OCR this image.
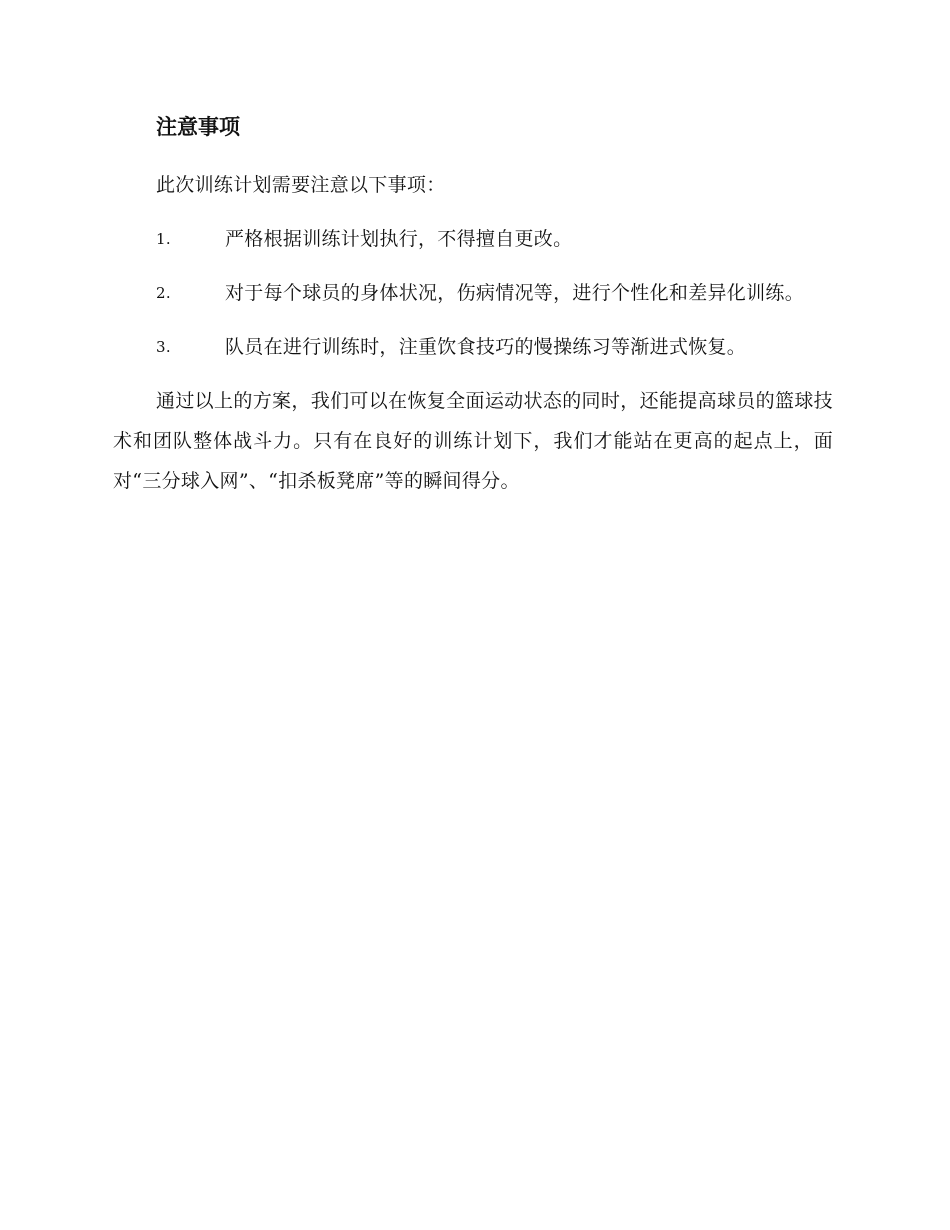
注意事项

此次训练计划需要注意以下事项：

1.	严格根据训练计划执行，不得擅自更改。

2.	对于每个球员的身体状况，伤病情况等，进行个性化和差异化训练。

3.	队员在进行训练时，注重饮食技巧的慢操练习等渐进式恢复。

通过以上的方案，我们可以在恢复全面运动状态的同时，还能提高球员的篮球技术和团队整体战斗力。只有在良好的训练计划下，我们才能站在更高的起点上，面对“三分球入网”、“扣杀板凳席”等的瞬间得分。
